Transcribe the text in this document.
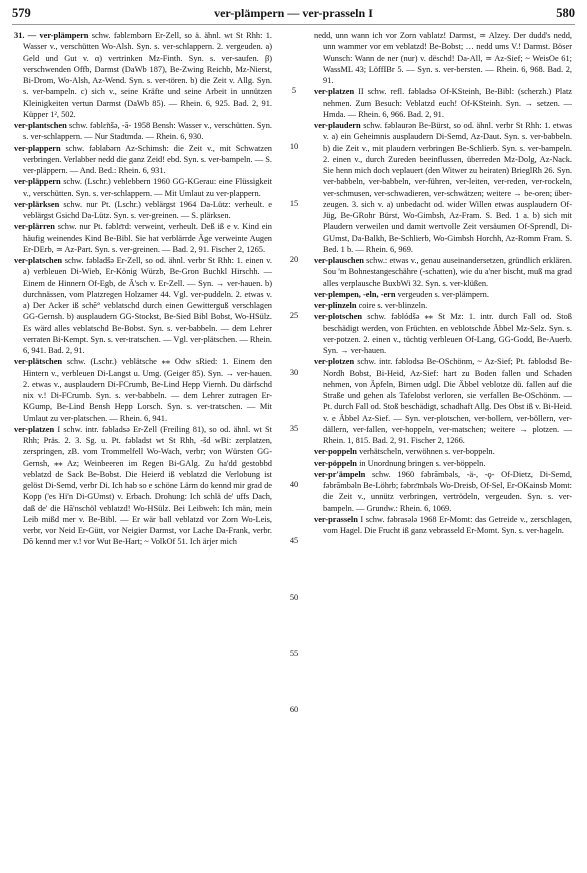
579	ver-plämpern — ver-prasseln I	580
31. — ver-plämpern schw. fǝblɛmbǝrn Er-Zell, so ä. ähnl. wt St Rhh: 1. Wasser v., verschütten Wo-Alsh. Syn. s. ver-schlappern. 2. vergeuden. a) Geld und Gut v. α) vertrinken Mz-Finth. Syn. s. ver-saufen. β) verschwenden Offb, Darmst (DaWb 187), Be-Zwing Reichb, Mz-Nierst, Bi-Drom, Wo-Alsh, Az-Wend. Syn. s. ver-tören. b) die Zeit v. Allg. Syn. s. ver-bampeln. c) sich v., seine Kräfte und seine Arbeit in unnützen Kleinigkeiten vertun Darmst (DaWb 85). — Rhein. 6, 925. Bad. 2, 91. Küpper 1², 502.
ver-plantschen schw. fǝblɛ̃nšǝ, -ā- 1958 Bensh: Wasser v., verschütten. Syn. s. ver-schlappern. — Nur Stadtmda. — Rhein. 6, 930.
ver-plappern schw. fǝblabǝrn Az-Schimsh: die Zeit v., mit Schwatzen verbringen. Verlabber nedd die ganz Zeid! ebd. Syn. s. ver-bampeln. — S. ver-pläppern. — And. Bed.: Rhein. 6, 931.
ver-pläppern schw. (Lschr.) veblebbern 1960 GG-KGerau: eine Flüssigkeit v., verschütten. Syn. s. ver-schlappern. — Mit Umlaut zu ver-plappern.
ver-plärksen schw. nur Pt. (Lschr.) veblärgst 1964 Da-Lütz: verheult. e veblärgst Gsichd Da-Lütz. Syn. s. ver-greinen. — S. plärksen.
ver-plärren schw. nur Pt. fǝblɛ̄rd: verweint, verheult. Deß iß e v. Kind ein häufig weinendes Kind Be-Bibl. Sie hat verblärrde Äge verweinte Augen Er-DErb, ≃ Az-Part. Syn. s. ver-greinen. — Bad. 2, 91. Fischer 2, 1265.
ver-platschen schw. fǝbladšǝ Er-Zell, so od. ähnl. verbr St Rhh: 1. einen v. a) verbleuen Di-Wieb, Er-König Würzb, Be-Gron Buchkl Hirschh. — Einem de Hinnern Of-Egb, de Ā'sch v. Er-Zell. — Syn. → ver-hauen. b) durchnässen, vom Platzregen Holzamer 44. Vgl. ver-puddeln. 2. etwas v. a) Der Acker iß schẽ° veblatschd durch einen Gewitterguß verschlagen GG-Gernsh. b) ausplaudern GG-Stockst, Be-Sied Bibl Bobst, Wo-HSülz. Es wärd alles veblatschd Be-Bobst. Syn. s. ver-babbeln. — dem Lehrer verraten Bi-Kempt. Syn. s. ver-tratschen. — Vgl. ver-plätschen. — Rhein. 6, 941. Bad. 2, 91.
ver-plätschen schw. (Lschr.) veblätsche ⁎⁎ Odw sRied: 1. Einem den Hintern v., verbleuen Di-Langst u. Umg. (Geiger 85). Syn. → ver-hauen. 2. etwas v., ausplaudern Di-FCrumb, Be-Lind Hepp Viernh. Du därfschd nix v.! Di-FCrumb. Syn. s. ver-babbeln. — dem Lehrer zutragen Er-KGump, Be-Lind Bensh Hepp Lorsch. Syn. s. ver-tratschen. — Mit Umlaut zu ver-platschen. — Rhein. 6, 941.
ver-platzen I schw. intr. fǝbladsǝ Er-Zell (Freiling 81), so od. ähnl. wt St Rhh; Präs. 2. 3. Sg. u. Pt. fǝbladst wt St Rhh, -šd wBi: zerplatzen, zerspringen, zB. vom Trommelfell Wo-Wach, verbr; von Würsten GG-Gernsh, ⁎⁎ Az; Weinbeeren im Regen Bi-GAlg. Zu ha'dd gestobbd veblatzd de Sack Be-Bobst. Die Heierd iß veblatzd die Verlobung ist gelöst Di-Semd, verbr Di. Ich hab so e schöne Lärm do kennd mir grad de Kopp ('es Hi'n Di-GUmst) v. Erbach. Drohung: Ich schlä de' uffs Dach, daß de' die Hã'nschöl veblatzd! Wo-HSülz. Bei Leibweh: Ich män, mein Leib mißd mer v. Be-Bibl. — Er wär ball veblatzd vor Zorn Wo-Leis, verbr, vor Neid Er-Gütt, vor Neigier Darmst, vor Lache Da-Frank, verbr. Dō kennd mer v.! vor Wut Be-Hart; ~ VolkOf 51. Ich ärjer mich
5
10
15
20
25
30
35
40
45
50
55
60
nedd, unn wann ich vor Zorn vablatz! Darmst, ≃ Alzey. Der dudd's nedd, unn wammer vor em veblatzd! Be-Bobst; … nedd ums V.! Darmst. Böser Wunsch: Wann de ner (nur) v. dëschd! Da-All, ≃ Az-Sief; ~ WeisOe 61; WassML 43; LöffIBr 5. — Syn. s. ver-bersten. — Rhein. 6, 968. Bad. 2, 91.
ver-platzen II schw. refl. fǝbladsǝ Of-KSteinh, Be-Bibl: (scherzh.) Platz nehmen. Zum Besuch: Veblatzd euch! Of-KSteinh. Syn. → setzen. — Hmda. — Rhein. 6, 966. Bad. 2, 91.
ver-plaudern schw. fǝblaurǝn Be-Bürst, so od. ähnl. verbr St Rhh: 1. etwas v. a) ein Geheimnis ausplaudern Di-Semd, Az-Daut. Syn. s. ver-babbeln. b) die Zeit v., mit plaudern verbringen Be-Schlierb. Syn. s. ver-bampeln. 2. einen v., durch Zureden beeinflussen, überreden Mz-Dolg, Az-Nack. Sie henn mich doch veplauert (den Witwer zu heiraten) BrieglRh 26. Syn. ver-babbeln, ver-babbeln, ver-führen, ver-leiten, ver-reden, ver-rockeln, ver-schmusen, ver-schwadieren, ver-schwätzen; weitere → be-oren; über-zeugen. 3. sich v. a) unbedacht od. wider Willen etwas ausplaudern Of-Jüg, Be-GRohr Bürst, Wo-Gimbsh, Az-Fram. S. Bed. 1 a. b) sich mit Plaudern verweilen und damit wertvolle Zeit versäumen Of-Sprendl, Di-GUmst, Da-Balkh, Be-Schlierb, Wo-Gimbsh Horchh, Az-Romm Fram. S. Bed. 1 b. — Rhein. 6, 969.
ver-plauschen schw.: etwas v., genau auseinandersetzen, gründlich erklären. Sou 'm Bohnestangeschähre (-schatten), wie du a'ner bischt, muß ma grad alles verplausche BuxbWi 32. Syn. s. ver-klüßen.
ver-plempen, -eln, -ern vergeuden s. ver-plämpern.
ver-plinzeln coire s. ver-blinzeln.
ver-plotschen schw. fǝblódšǝ ⁎⁎ St Mz: 1. intr. durch Fall od. Stoß beschädigt werden, von Früchten. en veblotschde Äbbel Mz-Selz. Syn. s. ver-potzen. 2. einen v., tüchtig verbleuen Of-Lang, GG-Godd, Be-Auerb. Syn. → ver-hauen.
ver-plotzen schw. intr. fǝblodsǝ Be-OSchönm, ~ Az-Sief; Pt. fǝblodsd Be-Nordh Bobst, Bi-Heid, Az-Sief: hart zu Boden fallen und Schaden nehmen, von Äpfeln, Birnen udgl. Die Äbbel veblotze dü. fallen auf die Straße und gehen als Tafelobst verloren, sie verfallen Be-OSchönm. — Pt. durch Fall od. Stoß beschädigt, schadhaft Allg. Des Obst iß v. Bi-Heid. v. e Äbbel Az-Sief. — Syn. ver-plotschen, ver-bollern, ver-böllern, ver-dällern, ver-fallen, ver-hoppeln, ver-matschen; weitere → plotzen. — Rhein. 1, 815. Bad. 2, 91. Fischer 2, 1266.
ver-poppeln verhätscheln, verwöhnen s. ver-boppeln.
ver-pöppeln in Unordnung bringen s. ver-böppeln.
ver-pr'ämpeln schw. 1960 fǝbrāmbǝls, -ä-, -ǫ- Of-Dietz, Di-Semd, fǝbrāmbǝln Be-Löhrb; fǝbrɛ̄mbǝls Wo-Dreisb, Of-Sel, Er-OKainsb Momt: die Zeit v., unnütz verbringen, vertrödeln, vergeuden. Syn. s. ver-bampeln. — Grundw.: Rhein. 6, 1069.
ver-prasseln I schw. fǝbrasǝlǝ 1968 Er-Momt: das Getreide v., zerschlagen, vom Hagel. Die Frucht iß ganz vebrasseld Er-Momt. Syn. s. ver-hageln.
